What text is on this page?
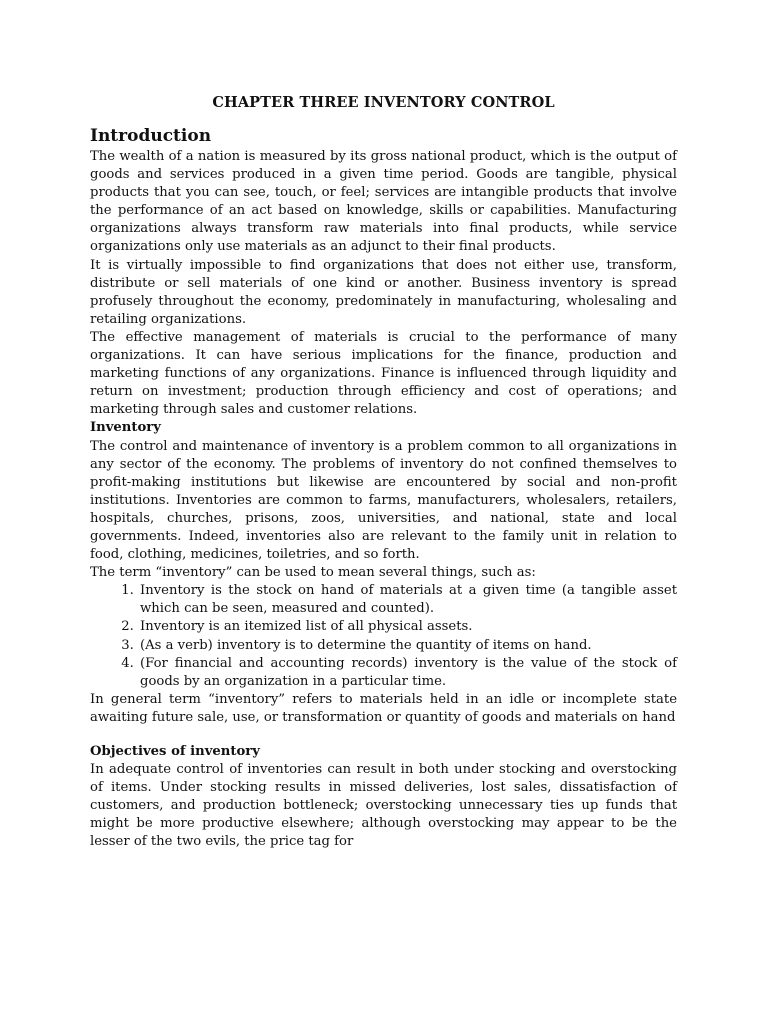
CHAPTER THREE INVENTORY CONTROL
Introduction

The wealth of a nation is measured by its gross national product, which is the output of goods and services produced in a given time period. Goods are tangible, physical products that you can see, touch, or feel; services are intangible products that involve the performance of an act based on knowledge, skills or capabilities. Manufacturing organizations always transform raw materials into final products, while service organizations only use materials as an adjunct to their final products.

It is virtually impossible to find organizations that does not either use, transform, distribute or sell materials of one kind or another. Business inventory is spread profusely throughout the economy, predominately in manufacturing, wholesaling and retailing organizations.

The effective management of materials is crucial to the performance of many organizations. It can have serious implications for the finance, production and marketing functions of any organizations. Finance is influenced through liquidity and return on investment; production through efficiency and cost of operations; and marketing through sales and customer relations.

Inventory

The control and maintenance of inventory is a problem common to all organizations in any sector of the economy. The problems of inventory do not confined themselves to profit-making institutions but likewise are encountered by social and non-profit institutions. Inventories are common to farms, manufacturers, wholesalers, retailers, hospitals, churches, prisons, zoos, universities, and national, state and local governments. Indeed, inventories also are relevant to the family unit in relation to food, clothing, medicines, toiletries, and so forth.

The term “inventory” can be used to mean several things, such as:

1. Inventory is the stock on hand of materials at a given time (a tangible asset which can be seen, measured and counted).
2. Inventory is an itemized list of all physical assets.
3. (As a verb) inventory is to determine the quantity of items on hand.
4. (For financial and accounting records) inventory is the value of the stock of goods by an organization in a particular time.

In general term “inventory” refers to materials held in an idle or incomplete state awaiting future sale, use, or transformation or quantity of goods and materials on hand

Objectives of inventory

In adequate control of inventories can result in both under stocking and overstocking of items. Under stocking results in missed deliveries, lost sales, dissatisfaction of customers, and production bottleneck; overstocking unnecessary ties up funds that might be more productive elsewhere; although overstocking may appear to be the lesser of the two evils, the price tag for
